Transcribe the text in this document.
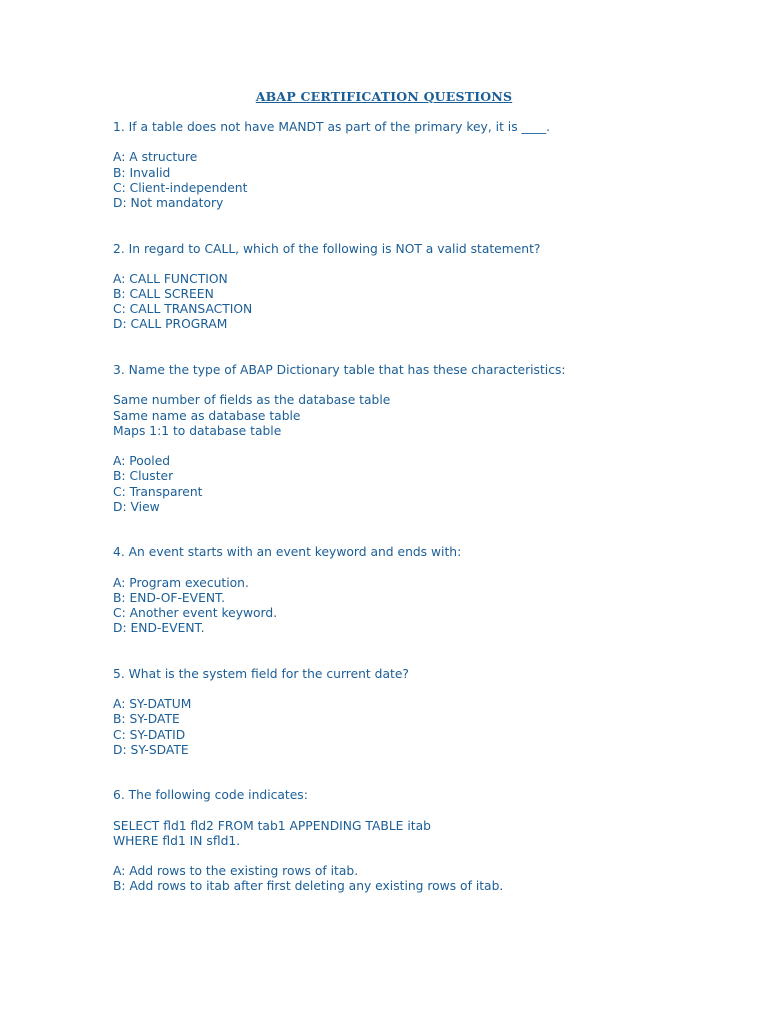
ABAP CERTIFICATION QUESTIONS
1. If a table does not have MANDT as part of the primary key, it is ____.
A: A structure
B: Invalid
C: Client-independent
D: Not mandatory
2. In regard to CALL, which of the following is NOT a valid statement?
A: CALL FUNCTION
B: CALL SCREEN
C: CALL TRANSACTION
D: CALL PROGRAM
3. Name the type of ABAP Dictionary table that has these characteristics:
Same number of fields as the database table
Same name as database table
Maps 1:1 to database table
A: Pooled
B: Cluster
C: Transparent
D: View
4. An event starts with an event keyword and ends with:
A: Program execution.
B: END-OF-EVENT.
C: Another event keyword.
D: END-EVENT.
5. What is the system field for the current date?
A: SY-DATUM
B: SY-DATE
C: SY-DATID
D: SY-SDATE
6. The following code indicates:
SELECT fld1 fld2 FROM tab1 APPENDING TABLE itab
WHERE fld1 IN sfld1.
A: Add rows to the existing rows of itab.
B: Add rows to itab after first deleting any existing rows of itab.
